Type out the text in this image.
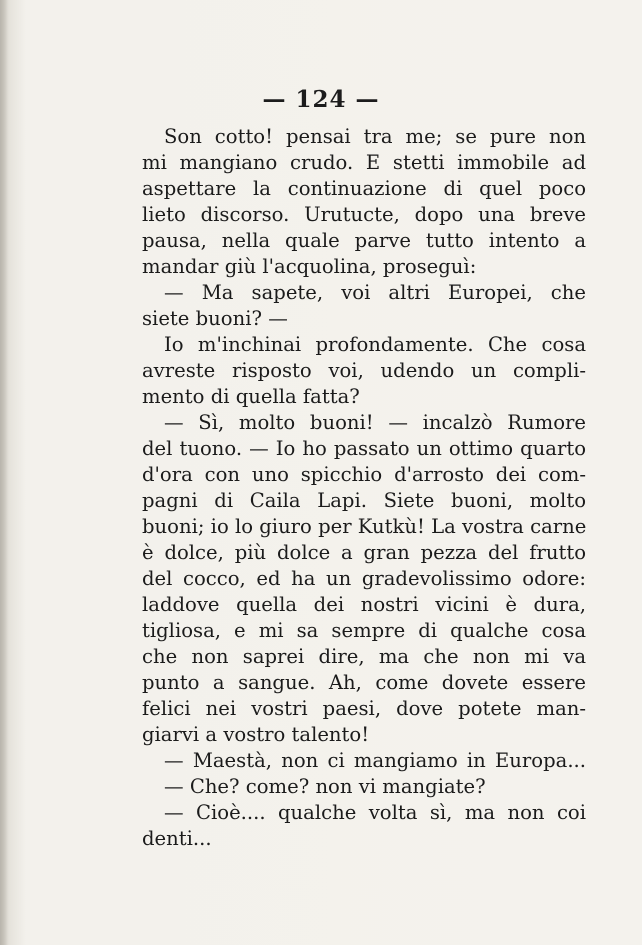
— 124 —
Son cotto! pensai tra me; se pure non
mi mangiano crudo. E stetti immobile ad
aspettare la continuazione di quel poco
lieto discorso. Urutucte, dopo una breve
pausa, nella quale parve tutto intento a
mandar giù l'acquolina, proseguì:
— Ma sapete, voi altri Europei, che
siete buoni? —
Io m'inchinai profondamente. Che cosa
avreste risposto voi, udendo un compli-
mento di quella fatta?
— Sì, molto buoni! — incalzò Rumore
del tuono. — Io ho passato un ottimo quarto
d'ora con uno spicchio d'arrosto dei com-
pagni di Caila Lapi. Siete buoni, molto
buoni; io lo giuro per Kutkù! La vostra carne
è dolce, più dolce a gran pezza del frutto
del cocco, ed ha un gradevolissimo odore:
laddove quella dei nostri vicini è dura,
tigliosa, e mi sa sempre di qualche cosa
che non saprei dire, ma che non mi va
punto a sangue. Ah, come dovete essere
felici nei vostri paesi, dove potete man-
giarvi a vostro talento!
— Maestà, non ci mangiamo in Europa...
— Che? come? non vi mangiate?
— Cioè.... qualche volta sì, ma non coi
denti...
